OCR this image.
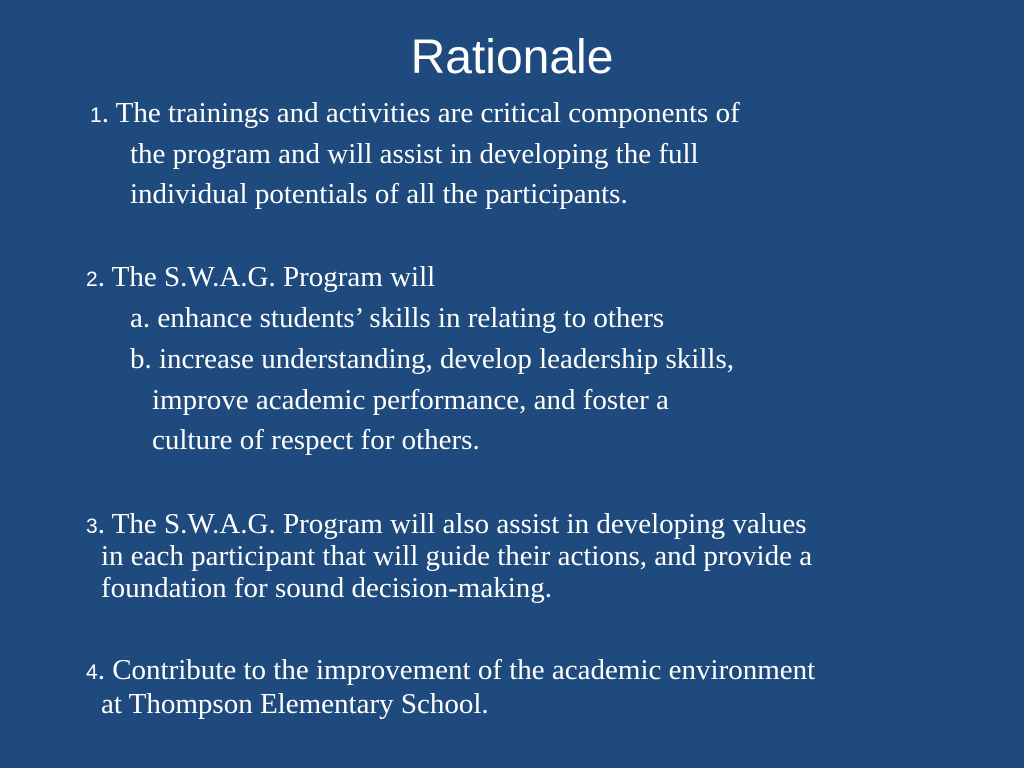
Rationale
1. The trainings and activities are critical components of
the program and will assist in developing the full
individual potentials of all the participants.
2. The S.W.A.G. Program will
a. enhance students’ skills in relating to others
b. increase understanding, develop leadership skills,
improve academic performance, and foster a
culture of respect for others.
3. The S.W.A.G. Program will also assist in developing values
in each participant that will guide their actions, and provide a
foundation for sound decision-making.
4. Contribute to the improvement of the academic environment
at Thompson Elementary School.
